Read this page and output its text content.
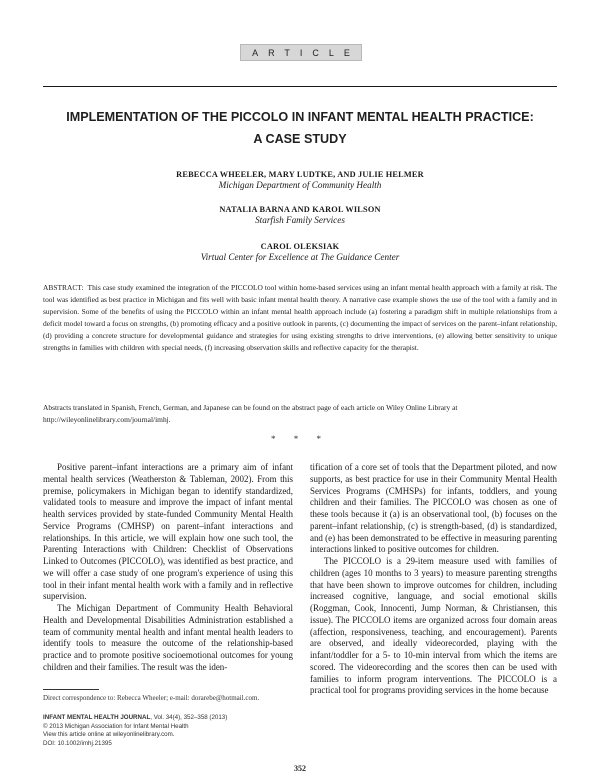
ARTICLE
IMPLEMENTATION OF THE PICCOLO IN INFANT MENTAL HEALTH PRACTICE:
A CASE STUDY
REBECCA WHEELER, MARY LUDTKE, AND JULIE HELMER
Michigan Department of Community Health
NATALIA BARNA AND KAROL WILSON
Starfish Family Services
CAROL OLEKSIAK
Virtual Center for Excellence at The Guidance Center
ABSTRACT: This case study examined the integration of the PICCOLO tool within home-based services using an infant mental health approach with a family at risk. The tool was identified as best practice in Michigan and fits well with basic infant mental health theory. A narrative case example shows the use of the tool with a family and in supervision. Some of the benefits of using the PICCOLO within an infant mental health approach include (a) fostering a paradigm shift in multiple relationships from a deficit model toward a focus on strengths, (b) promoting efficacy and a positive outlook in parents, (c) documenting the impact of services on the parent–infant relationship, (d) providing a concrete structure for developmental guidance and strategies for using existing strengths to drive interventions, (e) allowing better sensitivity to unique strengths in families with children with special needs, (f) increasing observation skills and reflective capacity for the therapist.
Abstracts translated in Spanish, French, German, and Japanese can be found on the abstract page of each article on Wiley Online Library at http://wileyonlinelibrary.com/journal/imhj.
* * *

Positive parent–infant interactions are a primary aim of infant mental health services (Weatherston & Tableman, 2002). From this premise, policymakers in Michigan began to identify standardized, validated tools to measure and improve the impact of infant mental health services provided by state-funded Community Mental Health Service Programs (CMHSP) on parent–infant interactions and relationships. In this article, we will explain how one such tool, the Parenting Interactions with Children: Checklist of Observations Linked to Outcomes (PICCOLO), was identified as best practice, and we will offer a case study of one program's experience of using this tool in their infant mental health work with a family and in reflective supervision.

The Michigan Department of Community Health Behavioral Health and Developmental Disabilities Administration established a team of community mental health and infant mental health leaders to identify tools to measure the outcome of the relationship-based practice and to promote positive socioemotional outcomes for young children and their families. The result was the iden-

tification of a core set of tools that the Department piloted, and now supports, as best practice for use in their Community Mental Health Services Programs (CMHSPs) for infants, toddlers, and young children and their families. The PICCOLO was chosen as one of these tools because it (a) is an observational tool, (b) focuses on the parent–infant relationship, (c) is strength-based, (d) is standardized, and (e) has been demonstrated to be effective in measuring parenting interactions linked to positive outcomes for children.

The PICCOLO is a 29-item measure used with families of children (ages 10 months to 3 years) to measure parenting strengths that have been shown to improve outcomes for children, including increased cognitive, language, and social emotional skills (Roggman, Cook, Innocenti, Jump Norman, & Christiansen, this issue). The PICCOLO items are organized across four domain areas (affection, responsiveness, teaching, and encouragement). Parents are observed, and ideally videorecorded, playing with the infant/toddler for a 5- to 10-min interval from which the items are scored. The videorecording and the scores then can be used with families to inform program interventions. The PICCOLO is a practical tool for programs providing services in the home because

Direct correspondence to: Rebecca Wheeler; e-mail: dorarebe@hotmail.com.
INFANT MENTAL HEALTH JOURNAL, Vol. 34(4), 352–358 (2013)
© 2013 Michigan Association for Infant Mental Health
View this article online at wileyonlinelibrary.com.
DOI: 10.1002/imhj.21395
352
